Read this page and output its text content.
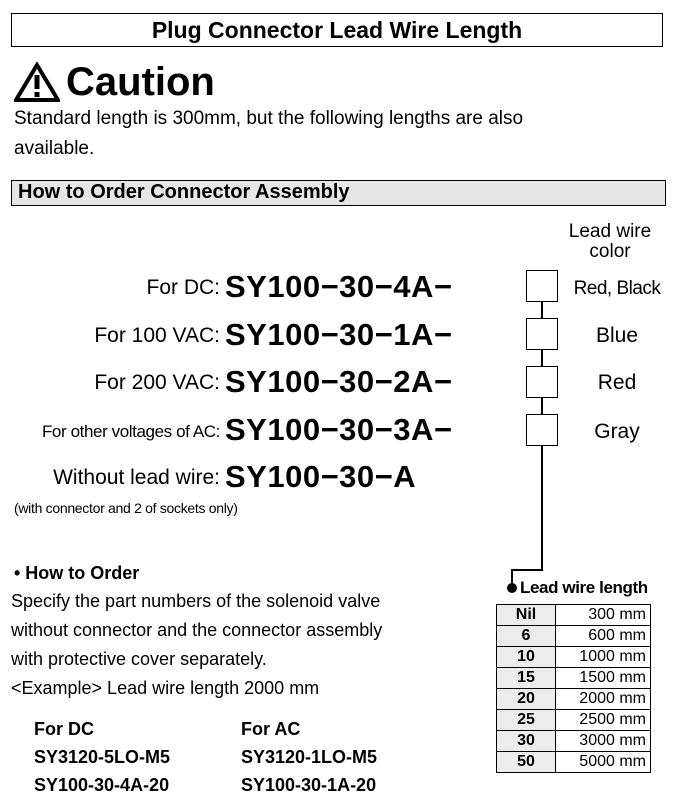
Plug Connector Lead Wire Length
Caution
Standard length is 300mm, but the following lengths are also
available.
How to Order Connector Assembly
Lead wire
color
For DC: SY100−30−4A−	Red, Black
For 100 VAC: SY100−30−1A−	Blue
For 200 VAC: SY100−30−2A−	Red
For other voltages of AC: SY100−30−3A−	Gray
Without lead wire: SY100−30−A
(with connector and 2 of sockets only)
• How to Order
Specify the part numbers of the solenoid valve
without connector and the connector assembly
with protective cover separately.
<Example> Lead wire length 2000 mm
For DC
SY3120-5LO-M5
SY100-30-4A-20
For AC
SY3120-1LO-M5
SY100-30-1A-20
Lead wire length
Nil	300 mm
6	600 mm
10	1000 mm
15	1500 mm
20	2000 mm
25	2500 mm
30	3000 mm
50	5000 mm
